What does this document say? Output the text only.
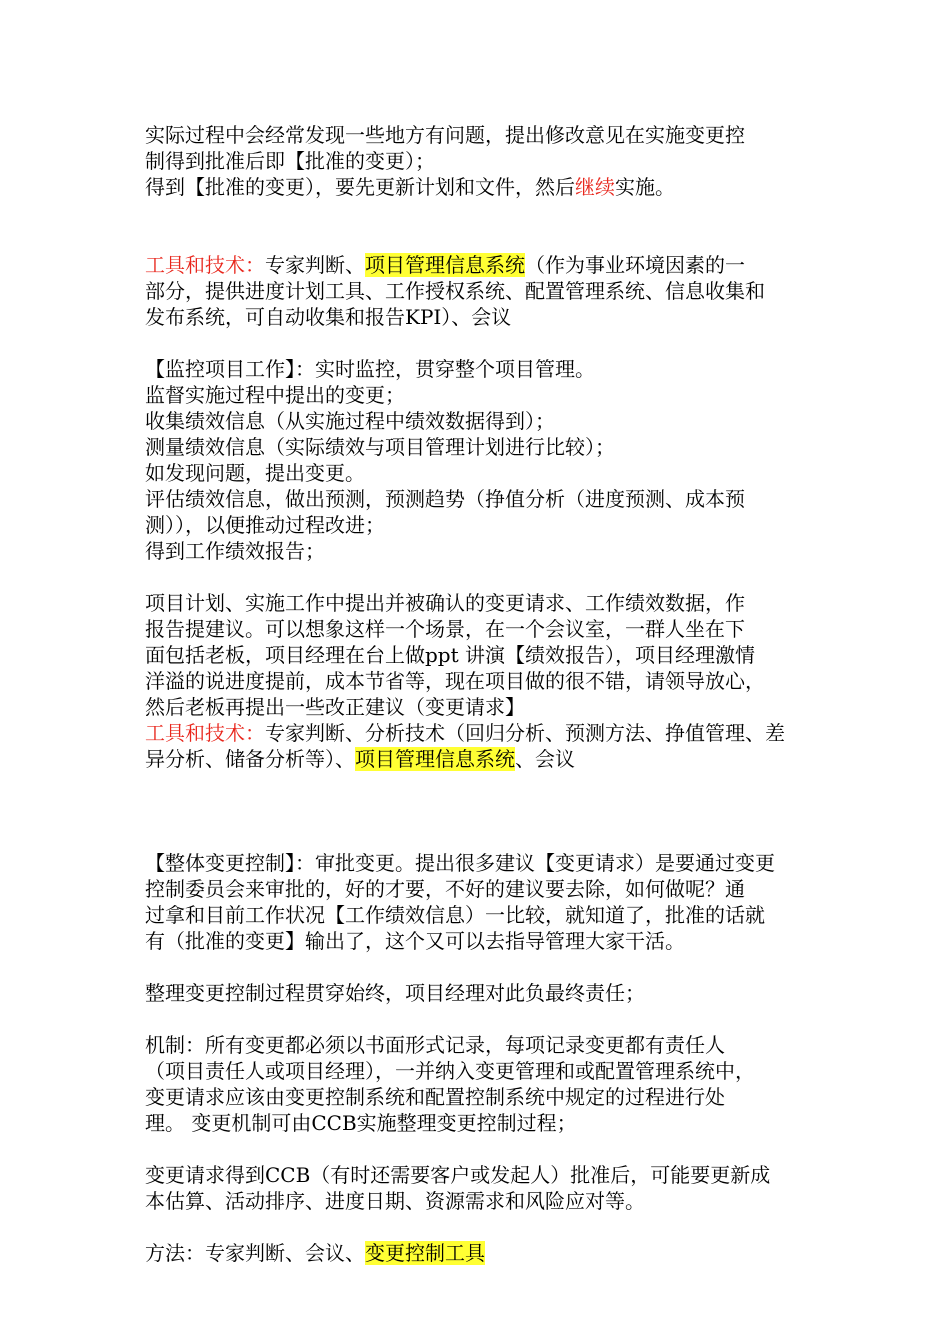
实际过程中会经常发现一些地方有问题，提出修改意见在实施变更控
制得到批准后即【批准的变更）；
得到【批准的变更），要先更新计划和文件，然后继续实施。
工具和技术：专家判断、项目管理信息系统（作为事业环境因素的一
部分，提供进度计划工具、工作授权系统、配置管理系统、信息收集和
发布系统，可自动收集和报告KPI）、会议
【监控项目工作】：实时监控，贯穿整个项目管理。
监督实施过程中提出的变更；
收集绩效信息（从实施过程中绩效数据得到）；
测量绩效信息（实际绩效与项目管理计划进行比较）；
如发现问题，提出变更。
评估绩效信息，做出预测，预测趋势（挣值分析（进度预测、成本预
测）），以便推动过程改进；
得到工作绩效报告；
项目计划、实施工作中提出并被确认的变更请求、工作绩效数据，作
报告提建议。可以想象这样一个场景，在一个会议室，一群人坐在下
面包括老板，项目经理在台上做ppt 讲演【绩效报告），项目经理激情
洋溢的说进度提前，成本节省等，现在项目做的很不错，请领导放心，
然后老板再提出一些改正建议（变更请求】
工具和技术：专家判断、分析技术（回归分析、预测方法、挣值管理、差
异分析、储备分析等）、项目管理信息系统、会议
【整体变更控制】：审批变更。提出很多建议【变更请求）是要通过变更
控制委员会来审批的，好的才要，不好的建议要去除，如何做呢？通
过拿和目前工作状况【工作绩效信息）一比较，就知道了，批准的话就
有（批准的变更】输出了，这个又可以去指导管理大家干活。
整理变更控制过程贯穿始终，项目经理对此负最终责任；
机制：所有变更都必须以书面形式记录，每项记录变更都有责任人
（项目责任人或项目经理），一并纳入变更管理和或配置管理系统中，
变更请求应该由变更控制系统和配置控制系统中规定的过程进行处
理。 变更机制可由CCB实施整理变更控制过程；
变更请求得到CCB（有时还需要客户或发起人）批准后，可能要更新成
本估算、活动排序、进度日期、资源需求和风险应对等。
方法：专家判断、会议、变更控制工具
